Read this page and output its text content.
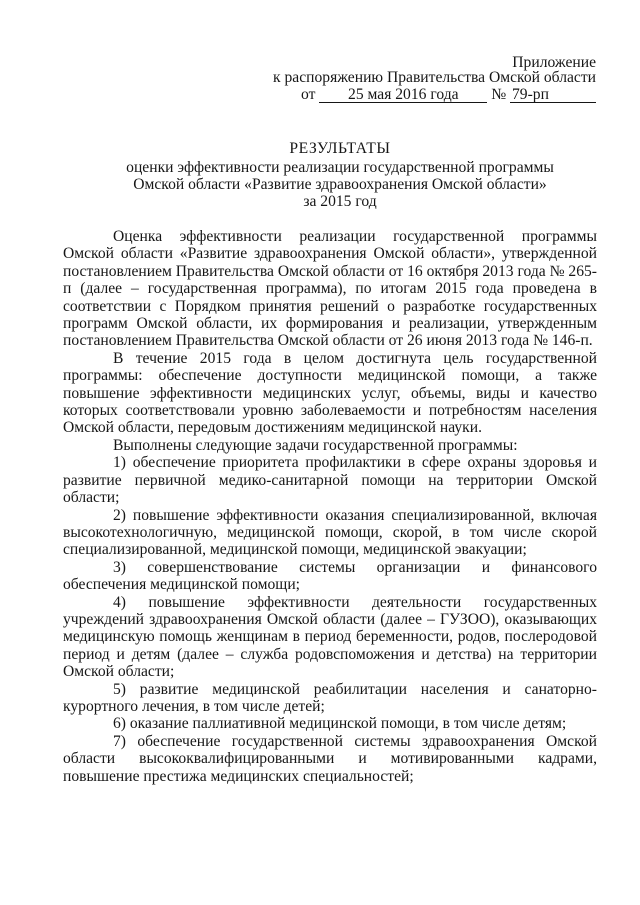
Приложение
к распоряжению Правительства Омской области
от 25 мая 2016 года № 79-рп
РЕЗУЛЬТАТЫ
оценки эффективности реализации государственной программы
Омской области «Развитие здравоохранения Омской области»
за 2015 год

Оценка эффективности реализации государственной программы Омской области «Развитие здравоохранения Омской области», утвержденной постановлением Правительства Омской области от 16 октября 2013 года № 265-п (далее – государственная программа), по итогам 2015 года проведена в соответствии с Порядком принятия решений о разработке государственных программ Омской области, их формирования и реализации, утвержденным постановлением Правительства Омской области от 26 июня 2013 года № 146-п.

В течение 2015 года в целом достигнута цель государственной программы: обеспечение доступности медицинской помощи, а также повышение эффективности медицинских услуг, объемы, виды и качество которых соответствовали уровню заболеваемости и потребностям населения Омской области, передовым достижениям медицинской науки.

Выполнены следующие задачи государственной программы:

1) обеспечение приоритета профилактики в сфере охраны здоровья и развитие первичной медико-санитарной помощи на территории Омской области;

2) повышение эффективности оказания специализированной, включая высокотехнологичную, медицинской помощи, скорой, в том числе скорой специализированной, медицинской помощи, медицинской эвакуации;

3) совершенствование системы организации и финансового обеспечения медицинской помощи;

4) повышение эффективности деятельности государственных учреждений здравоохранения Омской области (далее – ГУЗОО), оказывающих медицинскую помощь женщинам в период беременности, родов, послеродовой период и детям (далее – служба родовспоможения и детства) на территории Омской области;

5) развитие медицинской реабилитации населения и санаторно-курортного лечения, в том числе детей;

6) оказание паллиативной медицинской помощи, в том числе детям;

7) обеспечение государственной системы здравоохранения Омской области высококвалифицированными и мотивированными кадрами, повышение престижа медицинских специальностей;
